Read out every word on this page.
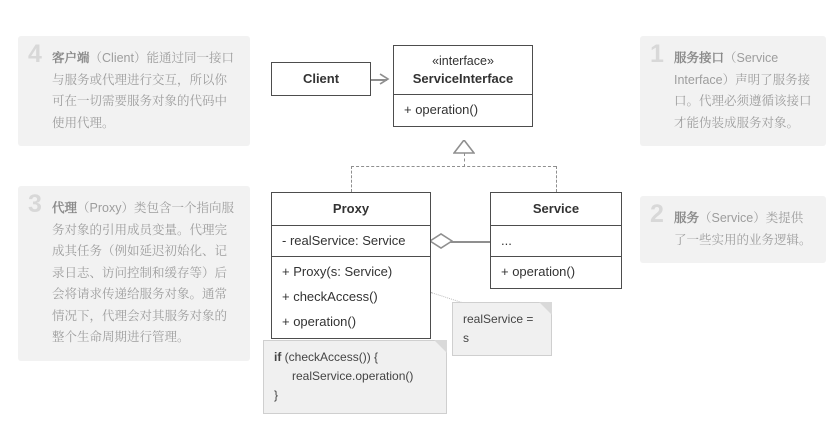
4 客户端（Client）能通过同一接口与服务或代理进行交互，所以你可在一切需要服务对象的代码中使用代理。
3 代理（Proxy）类包含一个指向服务对象的引用成员变量。代理完成其任务（例如延迟初始化、记录日志、访问控制和缓存等）后会将请求传递给服务对象。通常情况下，代理会对其服务对象的整个生命周期进行管理。
1 服务接口（Service Interface）声明了服务接口。代理必须遵循该接口才能伪装成服务对象。
2 服务（Service）类提供了一些实用的业务逻辑。
Client
«interface»
ServiceInterface
+ operation()
Proxy
- realService: Service
+ Proxy(s: Service)
+ checkAccess()
+ operation()
Service
...
+ operation()
realService = s
if (checkAccess()) {
realService.operation()
}
